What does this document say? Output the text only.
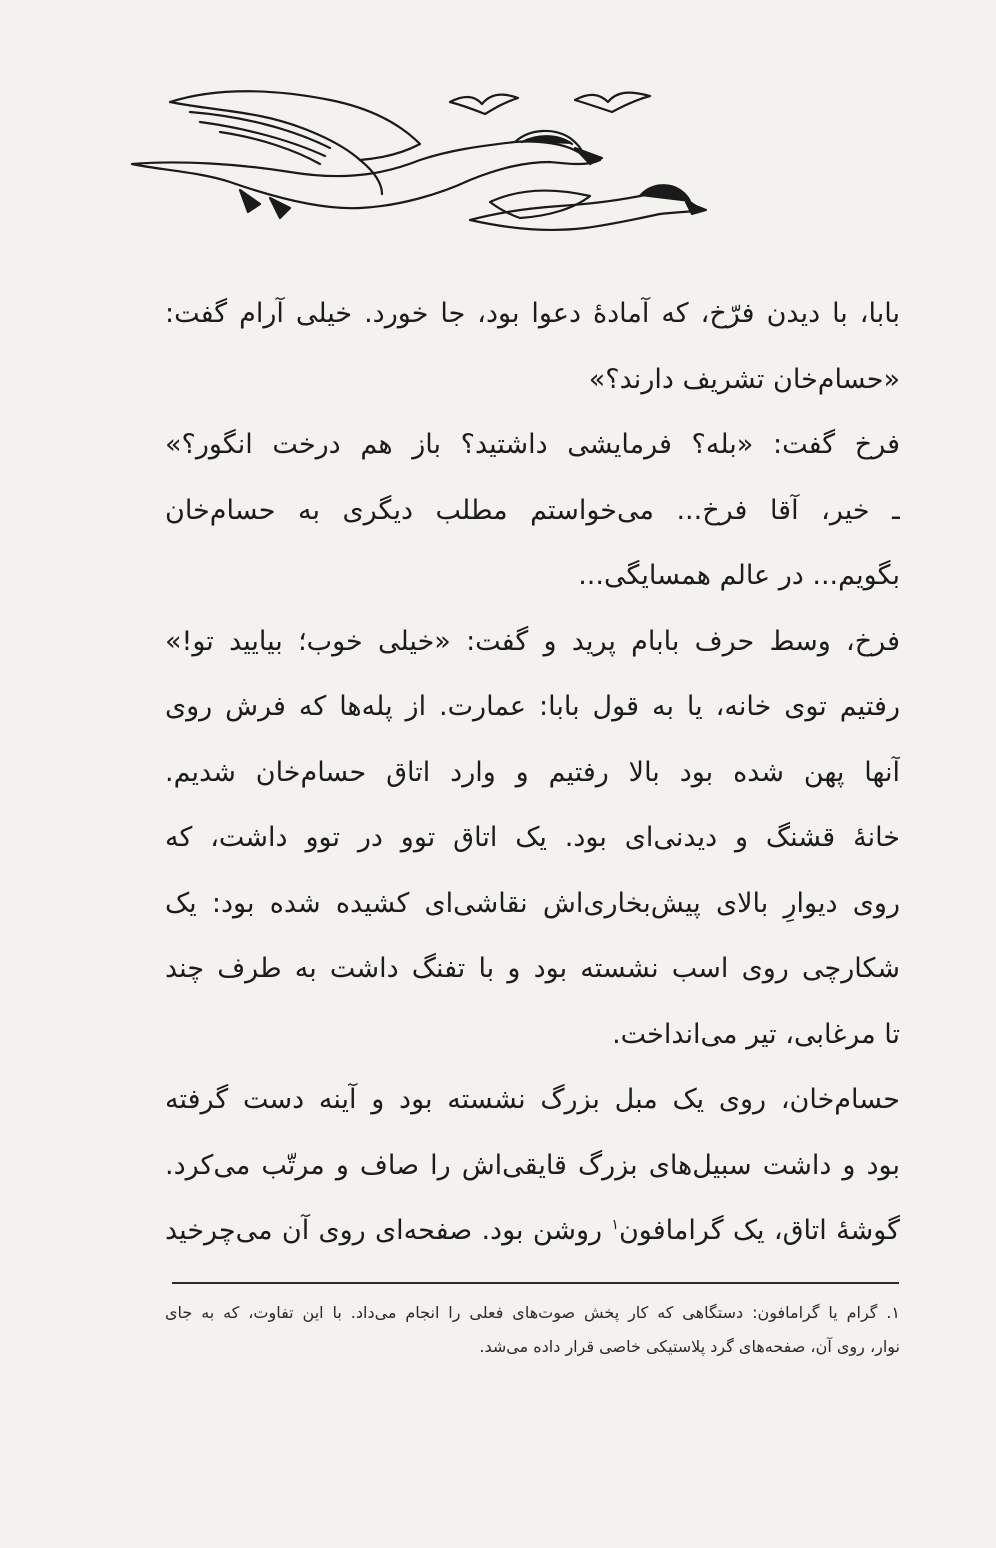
بابا، با دیدن فرّخ، که آمادۀ دعوا بود، جا خورد. خیلی آرام گفت:
«حسام‌خان تشریف دارند؟»
فرخ گفت: «بله؟ فرمایشی داشتید؟ باز هم درخت انگور؟»
ـ خیر، آقا فرخ... می‌خواستم مطلب دیگری به حسام‌خان
بگویم... در عالم همسایگی...
فرخ، وسط حرف بابام پرید و گفت: «خیلی خوب؛ بیایید تو!»
رفتیم توی خانه، یا به قول بابا: عمارت. از پله‌ها که فرش روی
آنها پهن شده بود بالا رفتیم و وارد اتاق حسام‌خان شدیم.
خانۀ قشنگ و دیدنی‌ای بود. یک اتاق توو در توو داشت، که
روی دیوارِ بالای پیش‌بخاری‌اش نقاشی‌ای کشیده شده بود: یک
شکارچی روی اسب نشسته بود و با تفنگ داشت به طرف چند
تا مرغابی، تیر می‌انداخت.
حسام‌خان، روی یک مبل بزرگ نشسته بود و آینه دست گرفته
بود و داشت سبیل‌های بزرگ قایقی‌اش را صاف و مرتّب می‌کرد.
گوشۀ اتاق، یک گرامافون$^۱$ روشن بود. صفحه‌ای روی آن می‌چرخید
۱. گرام یا گرامافون: دستگاهی که کار پخش صوت‌های فعلی را انجام می‌داد. با این تفاوت، که به جای
نوار، روی آن، صفحه‌های گرد پلاستیکی خاصی قرار داده می‌شد.
